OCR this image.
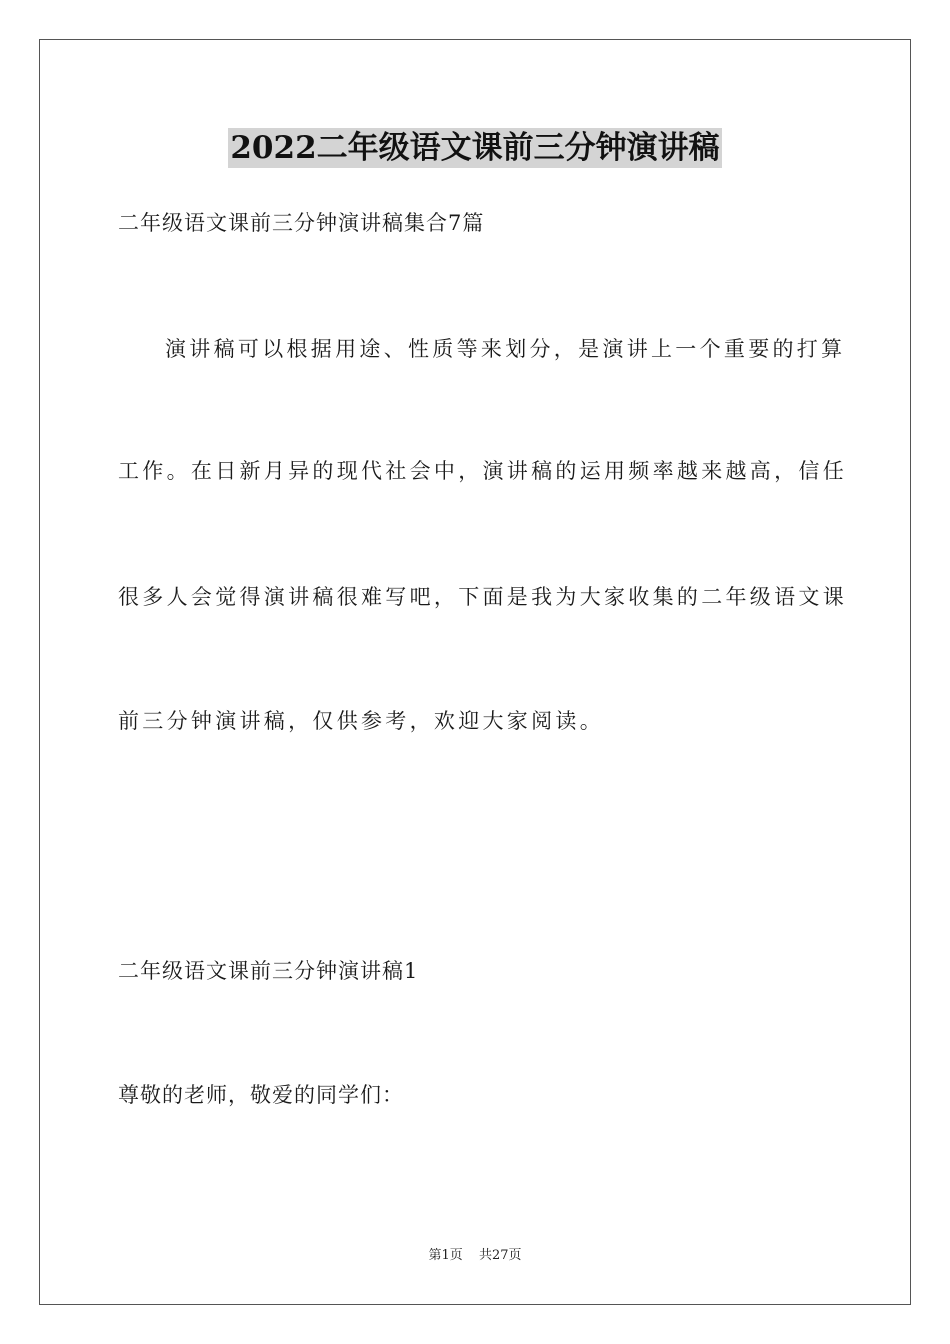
2022二年级语文课前三分钟演讲稿
二年级语文课前三分钟演讲稿集合7篇
演讲稿可以根据用途、性质等来划分，是演讲上一个重要的打算
工作。在日新月异的现代社会中，演讲稿的运用频率越来越高，信任
很多人会觉得演讲稿很难写吧，下面是我为大家收集的二年级语文课
前三分钟演讲稿，仅供参考，欢迎大家阅读。
二年级语文课前三分钟演讲稿1
尊敬的老师，敬爱的同学们：
第1页 共27页
